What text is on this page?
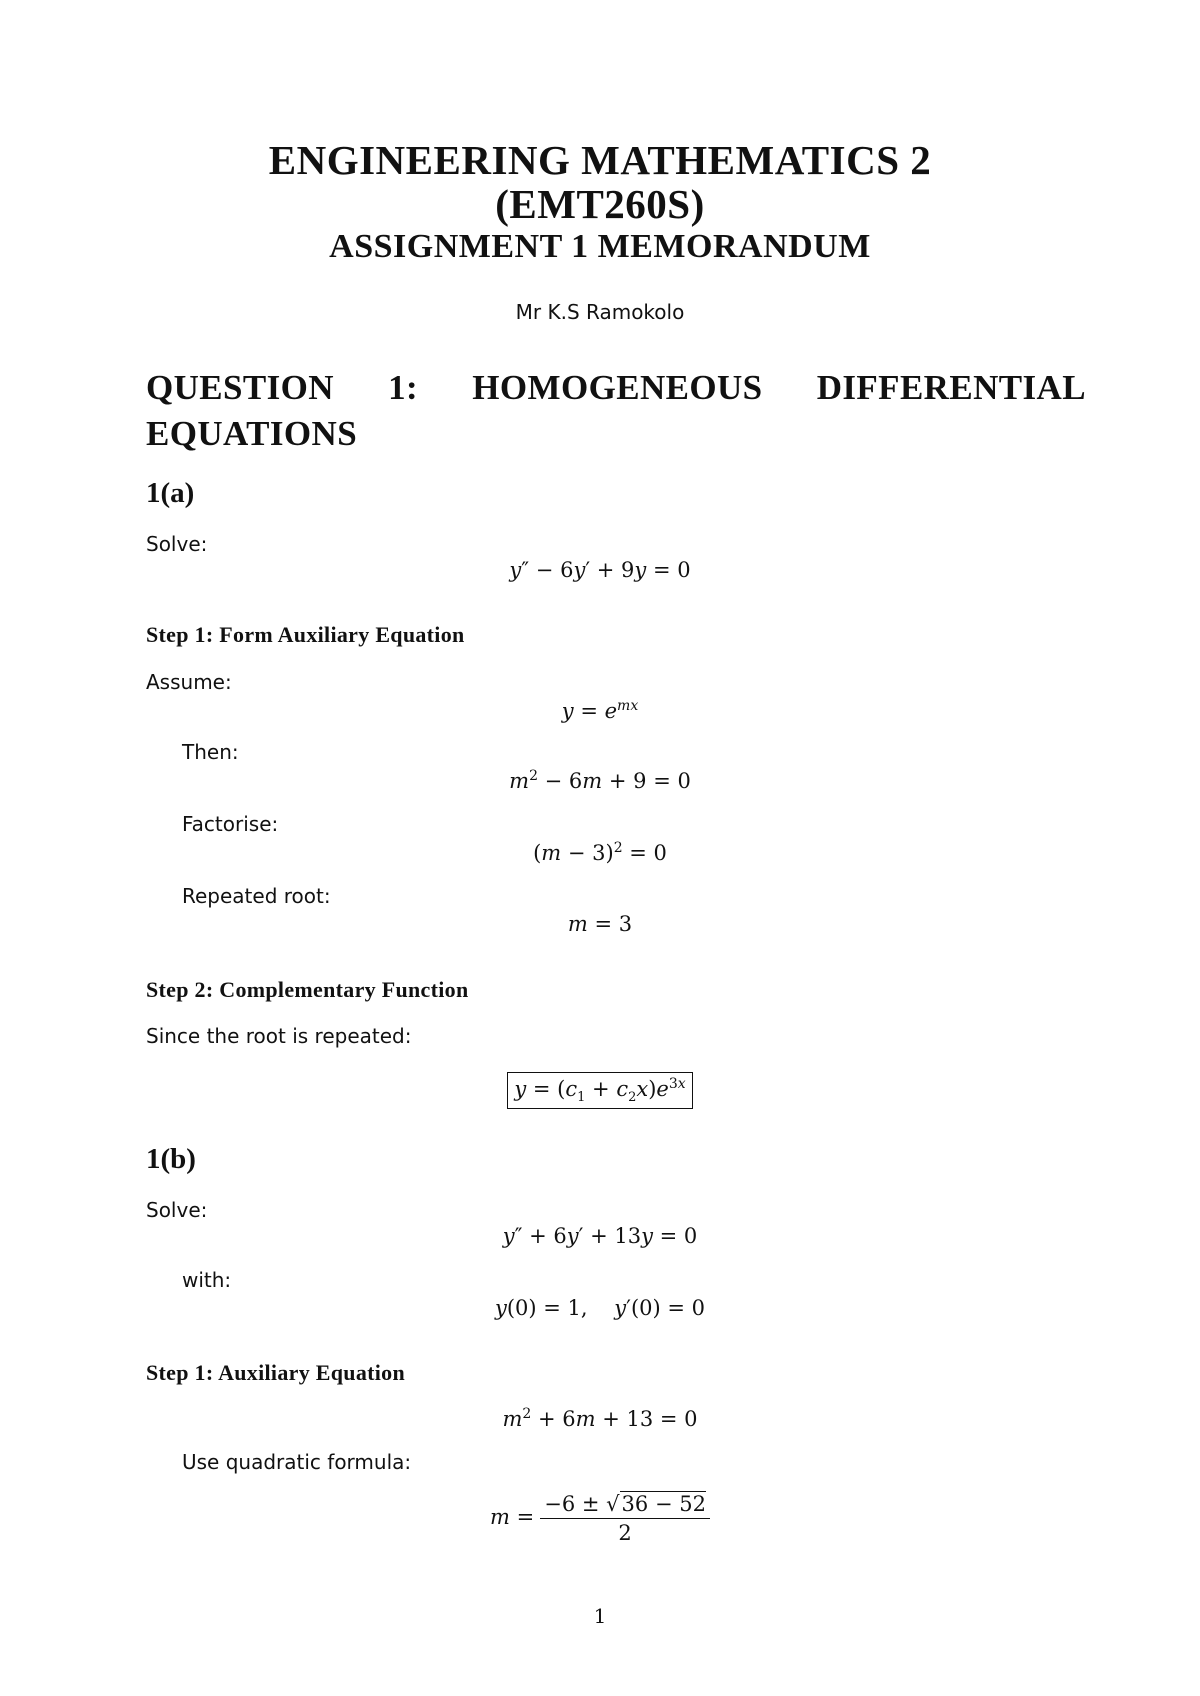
ENGINEERING MATHEMATICS 2
(EMT260S)
ASSIGNMENT 1 MEMORANDUM
Mr K.S Ramokolo
QUESTION 1: HOMOGENEOUS DIFFERENTIAL
EQUATIONS
1(a)
Solve:
y″ − 6y′ + 9y = 0
Step 1: Form Auxiliary Equation
Assume:
$y = e^{mx}$
Then:
$m^2 - 6m + 9 = 0$
Factorise:
$(m - 3)^2 = 0$
Repeated root:
m = 3
Step 2: Complementary Function
Since the root is repeated:
$y = (c_1 + c_2x)e^{3x}$
1(b)
Solve:
y″ + 6y′ + 13y = 0
with:
y(0) = 1,    y′(0) = 0
Step 1: Auxiliary Equation
$m^2 + 6m + 13 = 0$
Use quadratic formula:
$m = \frac{-6 \pm √36 - 52}{2}$
1
